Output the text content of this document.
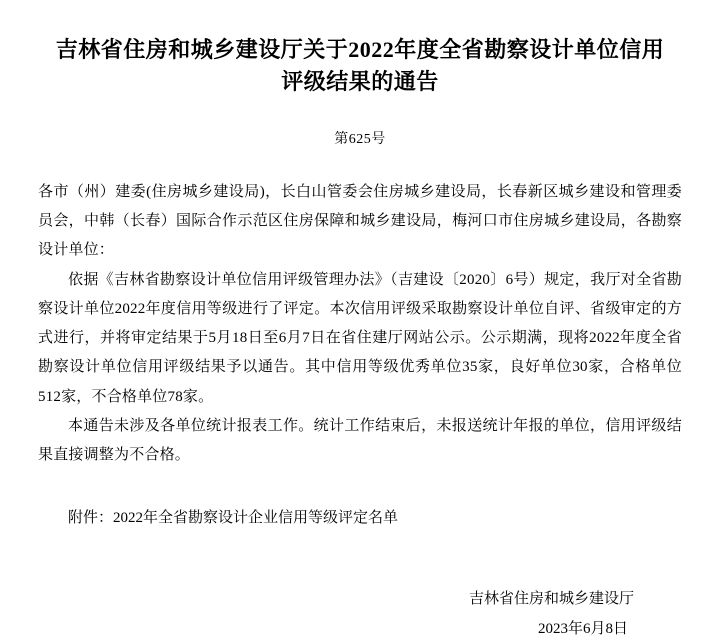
吉林省住房和城乡建设厅关于2022年度全省勘察设计单位信用评级结果的通告
第625号

各市（州）建委(住房城乡建设局)，长白山管委会住房城乡建设局，长春新区城乡建设和管理委员会，中韩（长春）国际合作示范区住房保障和城乡建设局，梅河口市住房城乡建设局，各勘察设计单位：

依据《吉林省勘察设计单位信用评级管理办法》（吉建设〔2020〕6号）规定，我厅对全省勘察设计单位2022年度信用等级进行了评定。本次信用评级采取勘察设计单位自评、省级审定的方式进行，并将审定结果于5月18日至6月7日在省住建厅网站公示。公示期满，现将2022年度全省勘察设计单位信用评级结果予以通告。其中信用等级优秀单位35家，良好单位30家，合格单位512家，不合格单位78家。

本通告未涉及各单位统计报表工作。统计工作结束后，未报送统计年报的单位，信用评级结果直接调整为不合格。

附件：2022年全省勘察设计企业信用等级评定名单
吉林省住房和城乡建设厅
2023年6月8日
